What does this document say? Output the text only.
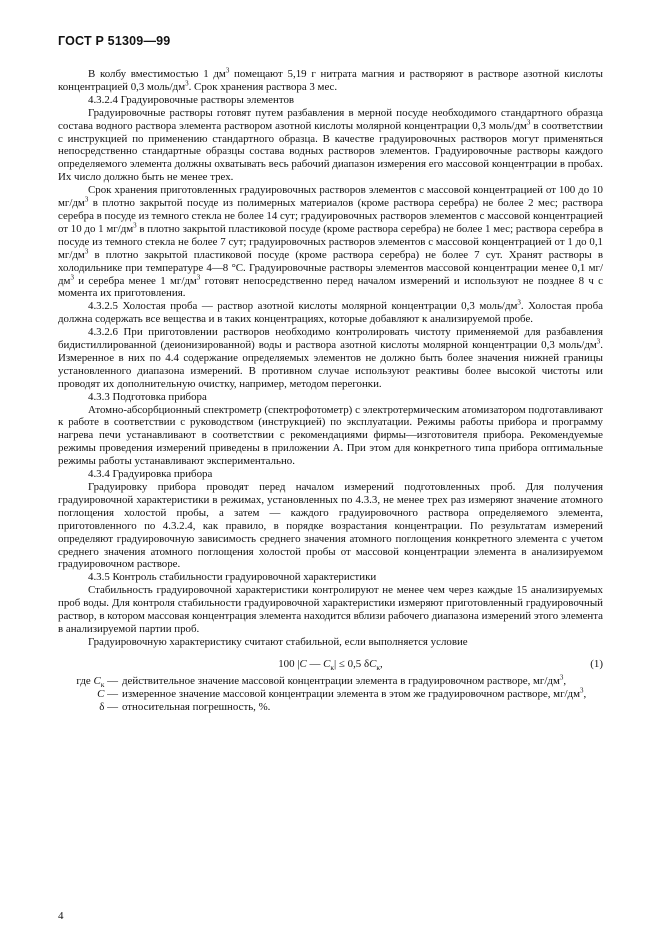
ГОСТ Р 51309—99

В колбу вместимостью 1 $дм^3$ помещают 5,19 г нитрата магния и растворяют в растворе азотной кислоты концентрацией 0,3 моль/$дм^3$. Срок хранения раствора 3 мес.

4.3.2.4 Градуировочные растворы элементов

Градуировочные растворы готовят путем разбавления в мерной посуде необходимого стандартного образца состава водного раствора элемента раствором азотной кислоты молярной концентрации 0,3 моль/$дм^3$ в соответствии с инструкцией по применению стандартного образца. В качестве градуировочных растворов могут применяться непосредственно стандартные образцы состава водных растворов элементов. Градуировочные растворы каждого определяемого элемента должны охватывать весь рабочий диапазон измерения его массовой концентрации в пробах. Их число должно быть не менее трех.

Срок хранения приготовленных градуировочных растворов элементов с массовой концентрацией от 100 до 10 $мг/дм^3$ в плотно закрытой посуде из полимерных материалов (кроме раствора серебра) не более 2 мес; раствора серебра в посуде из темного стекла не более 14 сут; градуировочных растворов элементов с массовой концентрацией от 10 до 1 $мг/дм^3$ в плотно закрытой пластиковой посуде (кроме раствора серебра) не более 1 мес; раствора серебра в посуде из темного стекла не более 7 сут; градуировочных растворов элементов с массовой концентрацией от 1 до 0,1 $мг/дм^3$ в плотно закрытой пластиковой посуде (кроме раствора серебра) не более 7 сут. Хранят растворы в холодильнике при температуре 4—8 °С. Градуировочные растворы элементов массовой концентрации менее 0,1 $мг/дм^3$ и серебра менее 1 $мг/дм^3$ готовят непосредственно перед началом измерений и используют не позднее 8 ч с момента их приготовления.

4.3.2.5 Холостая проба — раствор азотной кислоты молярной концентрации 0,3 моль/$дм^3$. Холостая проба должна содержать все вещества и в таких концентрациях, которые добавляют к анализируемой пробе.

4.3.2.6 При приготовлении растворов необходимо контролировать чистоту применяемой для разбавления бидистиллированной (деионизированной) воды и раствора азотной кислоты молярной концентрации 0,3 моль/$дм^3$. Измеренное в них по 4.4 содержание определяемых элементов не должно быть более значения нижней границы установленного диапазона измерений. В противном случае используют реактивы более высокой чистоты или проводят их дополнительную очистку, например, методом перегонки.

4.3.3 Подготовка прибора

Атомно-абсорбционный спектрометр (спектрофотометр) с электротермическим атомизатором подготавливают к работе в соответствии с руководством (инструкцией) по эксплуатации. Режимы работы прибора и программу нагрева печи устанавливают в соответствии с рекомендациями фирмы—изготовителя прибора. Рекомендуемые режимы проведения измерений приведены в приложении А. При этом для конкретного типа прибора оптимальные режимы работы устанавливают экспериментально.

4.3.4 Градуировка прибора

Градуировку прибора проводят перед началом измерений подготовленных проб. Для получения градуировочной характеристики в режимах, установленных по 4.3.3, не менее трех раз измеряют значение атомного поглощения холостой пробы, а затем — каждого градуировочного раствора определяемого элемента, приготовленного по 4.3.2.4, как правило, в порядке возрастания концентрации. По результатам измерений определяют градуировочную зависимость среднего значения атомного поглощения конкретного элемента с учетом среднего значения атомного поглощения холостой пробы от массовой концентрации элемента в анализируемом градуировочном растворе.

4.3.5 Контроль стабильности градуировочной характеристики

Стабильность градуировочной характеристики контролируют не менее чем через каждые 15 анализируемых проб воды. Для контроля стабильности градуировочной характеристики измеряют приготовленный градуировочный раствор, в котором массовая концентрация элемента находится вблизи рабочего диапазона измерений этого элемента в анализируемой партии проб.

Градуировочную характеристику считают стабильной, если выполняется условие

100 |C — $C_к| \le 0,5$ $\delta C_к$,	(1)
где $C_к$ — действительное значение массовой концентрации элемента в градуировочном растворе, $мг/дм^3$,
C — измеренное значение массовой концентрации элемента в этом же градуировочном растворе, $мг/дм^3$,
δ — относительная погрешность, %.
4
